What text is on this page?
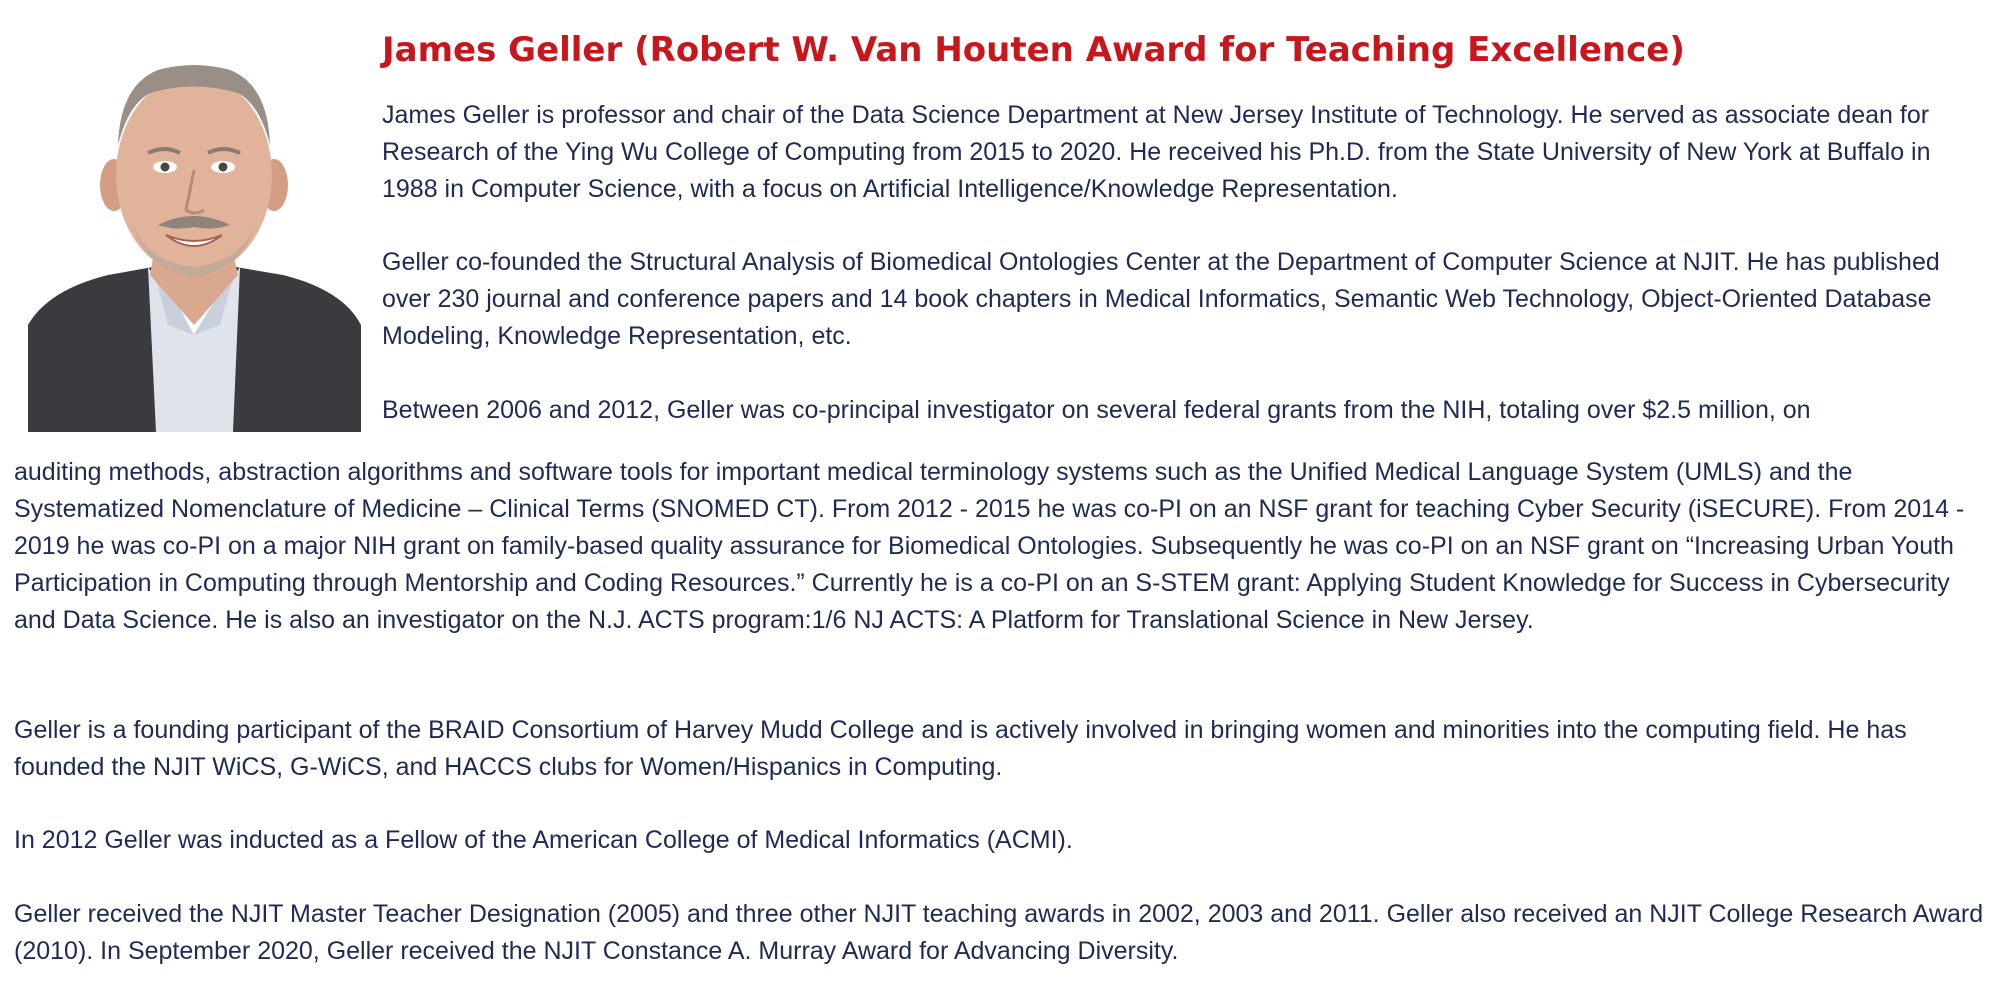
James Geller (Robert W. Van Houten Award for Teaching Excellence)

James Geller is professor and chair of the Data Science Department at New Jersey Institute of Technology. He served as associate dean for Research of the Ying Wu College of Computing from 2015 to 2020. He received his Ph.D. from the State University of New York at Buffalo in 1988 in Computer Science, with a focus on Artificial Intelligence/Knowledge Representation.

Geller co-founded the Structural Analysis of Biomedical Ontologies Center at the Department of Computer Science at NJIT. He has published over 230 journal and conference papers and 14 book chapters in Medical Informatics, Semantic Web Technology, Object-Oriented Database Modeling, Knowledge Representation, etc.

Between 2006 and 2012, Geller was co-principal investigator on several federal grants from the NIH, totaling over $2.5 million, on

auditing methods, abstraction algorithms and software tools for important medical terminology systems such as the Unified Medical Language System (UMLS) and the Systematized Nomenclature of Medicine – Clinical Terms (SNOMED CT). From 2012 - 2015 he was co-PI on an NSF grant for teaching Cyber Security (iSECURE). From 2014 - 2019 he was co-PI on a major NIH grant on family-based quality assurance for Biomedical Ontologies. Subsequently he was co-PI on an NSF grant on “Increasing Urban Youth Participation in Computing through Mentorship and Coding Resources.” Currently he is a co-PI on an S-STEM grant: Applying Student Knowledge for Success in Cybersecurity and Data Science. He is also an investigator on the N.J. ACTS program:1/6 NJ ACTS: A Platform for Translational Science in New Jersey.

Geller is a founding participant of the BRAID Consortium of Harvey Mudd College and is actively involved in bringing women and minorities into the computing field. He has founded the NJIT WiCS, G-WiCS, and HACCS clubs for Women/Hispanics in Computing.

In 2012 Geller was inducted as a Fellow of the American College of Medical Informatics (ACMI).

Geller received the NJIT Master Teacher Designation (2005) and three other NJIT teaching awards in 2002, 2003 and 2011. Geller also received an NJIT College Research Award (2010). In September 2020, Geller received the NJIT Constance A. Murray Award for Advancing Diversity.
